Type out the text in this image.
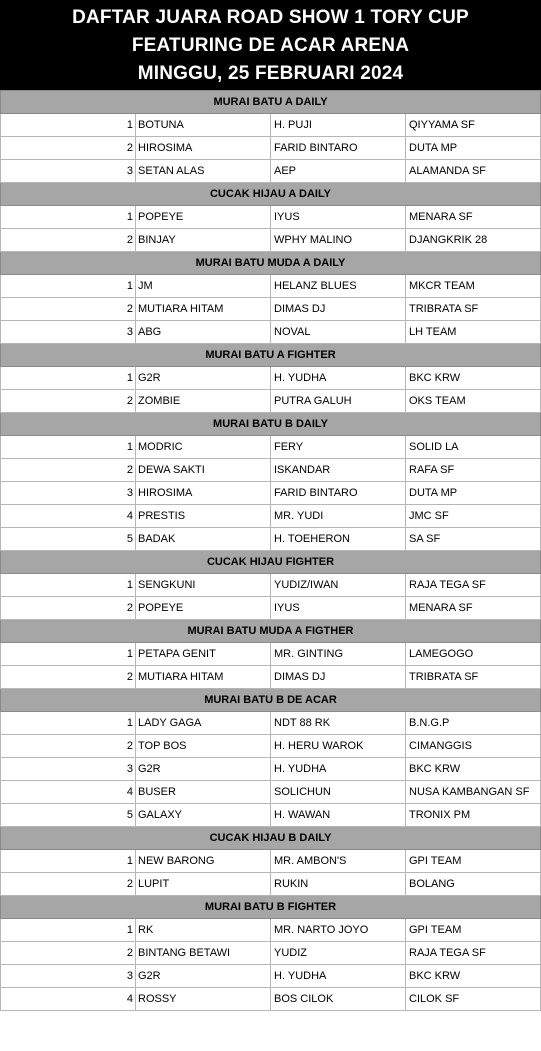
DAFTAR JUARA ROAD SHOW 1 TORY CUP
FEATURING DE ACAR ARENA
MINGGU, 25 FEBRUARI 2024
MURAI BATU A DAILY			
1	BOTUNA	H. PUJI	QIYYAMA SF
2	HIROSIMA	FARID BINTARO	DUTA MP
3	SETAN ALAS	AEP	ALAMANDA SF
CUCAK HIJAU A DAILY			
1	POPEYE	IYUS	MENARA SF
2	BINJAY	WPHY MALINO	DJANGKRIK 28
MURAI BATU MUDA A DAILY			
1	JM	HELANZ BLUES	MKCR TEAM
2	MUTIARA HITAM	DIMAS DJ	TRIBRATA SF
3	ABG	NOVAL	LH TEAM
MURAI BATU A FIGHTER			
1	G2R	H. YUDHA	BKC KRW
2	ZOMBIE	PUTRA GALUH	OKS TEAM
MURAI BATU B DAILY			
1	MODRIC	FERY	SOLID LA
2	DEWA SAKTI	ISKANDAR	RAFA SF
3	HIROSIMA	FARID BINTARO	DUTA MP
4	PRESTIS	MR. YUDI	JMC SF
5	BADAK	H. TOEHERON	SA SF
CUCAK HIJAU FIGHTER			
1	SENGKUNI	YUDIZ/IWAN	RAJA TEGA SF
2	POPEYE	IYUS	MENARA SF
MURAI BATU MUDA A FIGTHER			
1	PETAPA GENIT	MR. GINTING	LAMEGOGO
2	MUTIARA HITAM	DIMAS DJ	TRIBRATA SF
MURAI BATU B DE ACAR			
1	LADY GAGA	NDT 88 RK	B.N.G.P
2	TOP BOS	H. HERU WAROK	CIMANGGIS
3	G2R	H. YUDHA	BKC KRW
4	BUSER	SOLICHUN	NUSA KAMBANGAN SF
5	GALAXY	H. WAWAN	TRONIX PM
CUCAK HIJAU B DAILY			
1	NEW BARONG	MR. AMBON'S	GPI TEAM
2	LUPIT	RUKIN	BOLANG
MURAI BATU B FIGHTER			
1	RK	MR. NARTO JOYO	GPI TEAM
2	BINTANG BETAWI	YUDIZ	RAJA TEGA SF
3	G2R	H. YUDHA	BKC KRW
4	ROSSY	BOS CILOK	CILOK SF
